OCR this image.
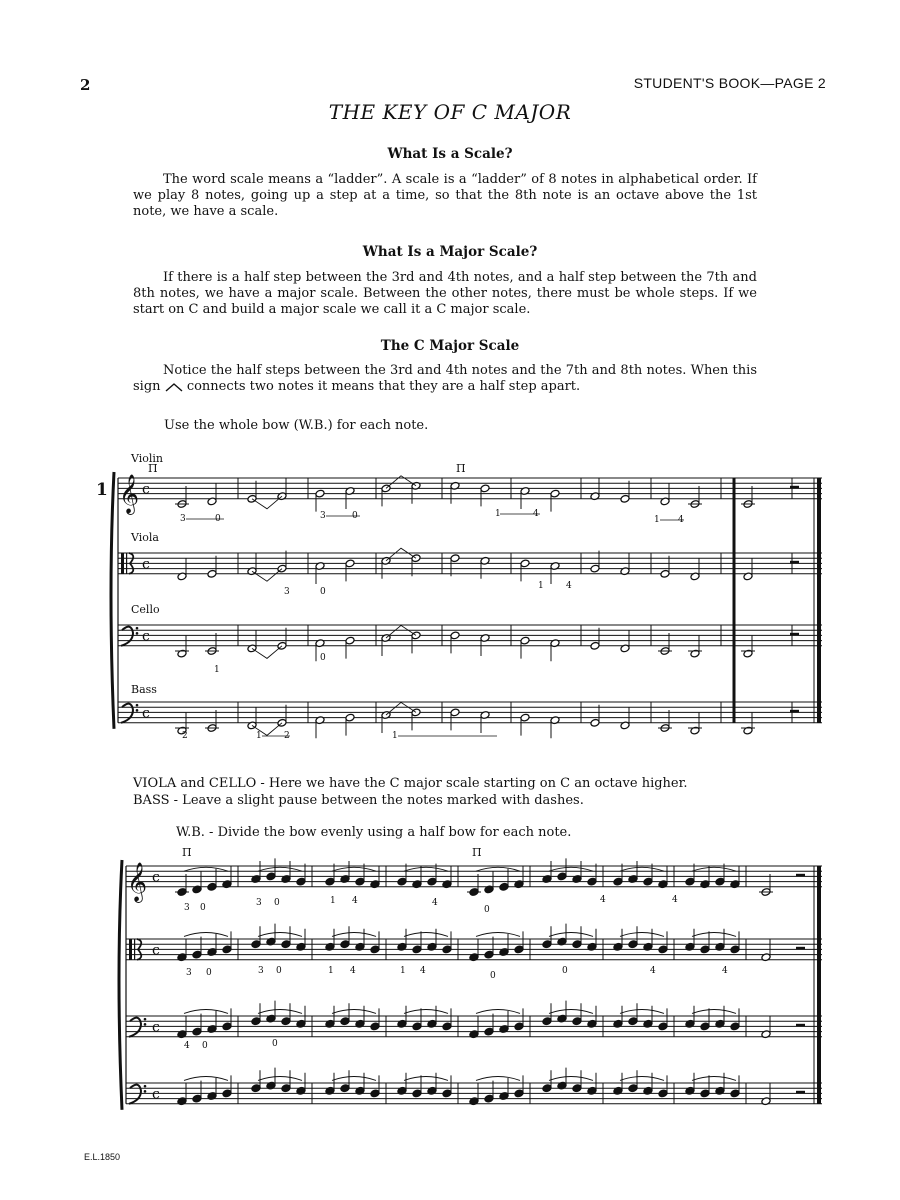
2	STUDENT'S BOOK—PAGE 2
THE KEY OF C MAJOR
What Is a Scale?
The word scale means a “ladder”. A scale is a “ladder” of 8 notes in alphabetical order. If we play 8 notes, going up a step at a time, so that the 8th note is an octave above the 1st note, we have a scale.
What Is a Major Scale?
If there is a half step between the 3rd and 4th notes, and a half step between the 7th and 8th notes, we have a major scale. Between the other notes, there must be whole steps. If we start on C and build a major scale we call it a C major scale.
The C Major Scale
Notice the half steps between the 3rd and 4th notes and the 7th and 8th notes. When this sign connects two notes it means that they are a half step apart.
Use the whole bow (W.B.) for each note.
1
Violin
Viola
Cello
Bass
VIOLA and CELLO - Here we have the C major scale starting on C an octave higher.
BASS - Leave a slight pause between the notes marked with dashes.
W.B. - Divide the bow evenly using a half bow for each note.
𝄞 c
c
c
c
Π	Π
3	0	3	0	1	4
1 4
3	0
1 4
1
0
2	1 2	1
𝄞 c
c
c
c
Π	Π
3 0	3 0	1 4	4
0
4	4
3 0	3 0	1 4	1 4	0	0	4	4
4 0	0
E.L.1850
